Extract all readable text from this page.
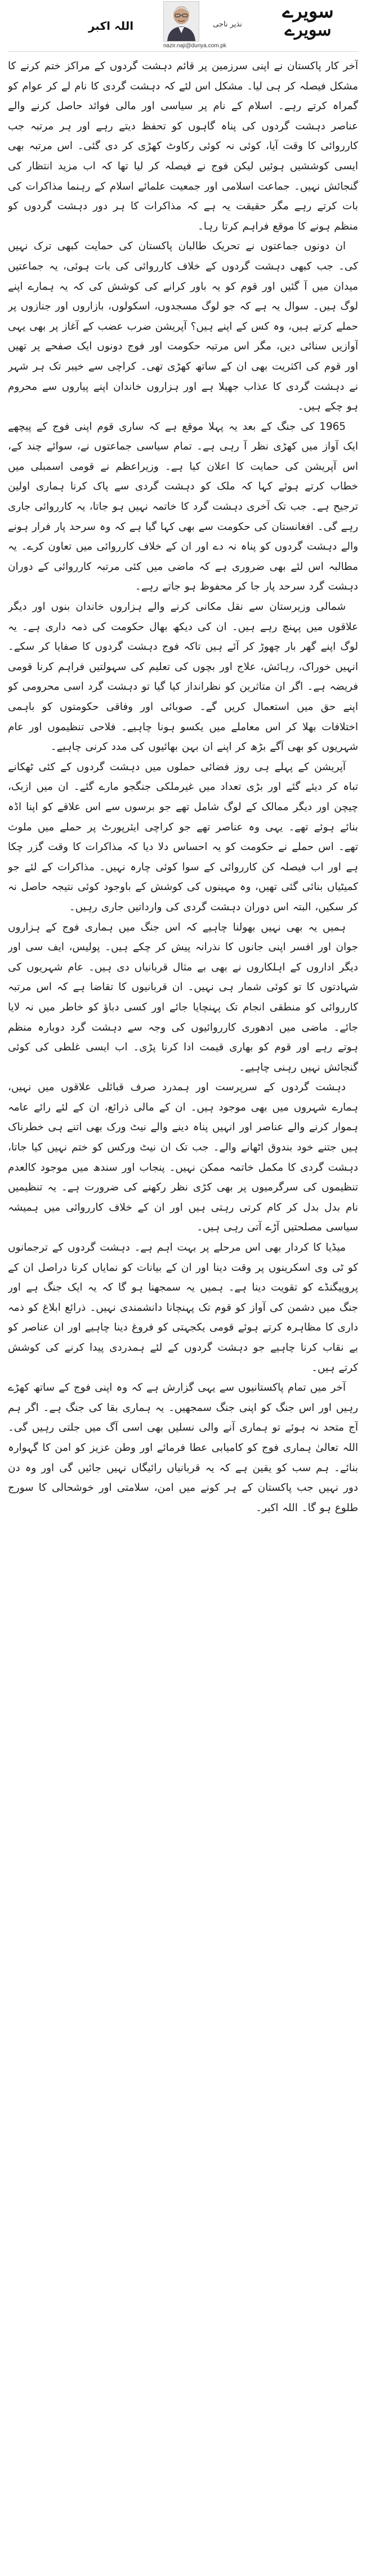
سویرے
سویرے
نذیر ناجی
nazir.naji@dunya.com.pk
اللہ اکبر

آخر کار پاکستان نے اپنی سرزمین پر قائم دہشت گردوں کے مراکز ختم کرنے کا مشکل فیصلہ کر ہی لیا۔ مشکل اس لئے کہ دہشت گردی کا نام لے کر عوام کو گمراہ کرتے رہے۔ اسلام کے نام پر سیاسی اور مالی فوائد حاصل کرنے والے عناصر دہشت گردوں کی پناہ گاہوں کو تحفظ دیتے رہے اور ہر مرتبہ جب کارروائی کا وقت آیا، کوئی نہ کوئی رکاوٹ کھڑی کر دی گئی۔ اس مرتبہ بھی ایسی کوششیں ہوئیں لیکن فوج نے فیصلہ کر لیا تھا کہ اب مزید انتظار کی گنجائش نہیں۔ جماعت اسلامی اور جمعیت علمائے اسلام کے رہنما مذاکرات کی بات کرتے رہے مگر حقیقت یہ ہے کہ مذاکرات کا ہر دور دہشت گردوں کو منظم ہونے کا موقع فراہم کرتا رہا۔

ان دونوں جماعتوں نے تحریک طالبان پاکستان کی حمایت کبھی ترک نہیں کی۔ جب کبھی دہشت گردوں کے خلاف کارروائی کی بات ہوئی، یہ جماعتیں میدان میں آ گئیں اور قوم کو یہ باور کرانے کی کوشش کی کہ یہ ہمارے اپنے لوگ ہیں۔ سوال یہ ہے کہ جو لوگ مسجدوں، اسکولوں، بازاروں اور جنازوں پر حملے کرتے ہیں، وہ کس کے اپنے ہیں؟ آپریشن ضرب عضب کے آغاز پر بھی یہی آوازیں سنائی دیں، مگر اس مرتبہ حکومت اور فوج دونوں ایک صفحے پر تھیں اور قوم کی اکثریت بھی ان کے ساتھ کھڑی تھی۔ کراچی سے خیبر تک ہر شہر نے دہشت گردی کا عذاب جھیلا ہے اور ہزاروں خاندان اپنے پیاروں سے محروم ہو چکے ہیں۔

1965 کی جنگ کے بعد یہ پہلا موقع ہے کہ ساری قوم اپنی فوج کے پیچھے ایک آواز میں کھڑی نظر آ رہی ہے۔ تمام سیاسی جماعتوں نے، سوائے چند کے، اس آپریشن کی حمایت کا اعلان کیا ہے۔ وزیراعظم نے قومی اسمبلی میں خطاب کرتے ہوئے کہا کہ ملک کو دہشت گردی سے پاک کرنا ہماری اولین ترجیح ہے۔ جب تک آخری دہشت گرد کا خاتمہ نہیں ہو جاتا، یہ کارروائی جاری رہے گی۔ افغانستان کی حکومت سے بھی کہا گیا ہے کہ وہ سرحد پار فرار ہونے والے دہشت گردوں کو پناہ نہ دے اور ان کے خلاف کارروائی میں تعاون کرے۔ یہ مطالبہ اس لئے بھی ضروری ہے کہ ماضی میں کئی مرتبہ کارروائی کے دوران دہشت گرد سرحد پار جا کر محفوظ ہو جاتے رہے۔

شمالی وزیرستان سے نقل مکانی کرنے والے ہزاروں خاندان بنوں اور دیگر علاقوں میں پہنچ رہے ہیں۔ ان کی دیکھ بھال حکومت کی ذمہ داری ہے۔ یہ لوگ اپنے گھر بار چھوڑ کر آئے ہیں تاکہ فوج دہشت گردوں کا صفایا کر سکے۔ انہیں خوراک، رہائش، علاج اور بچوں کی تعلیم کی سہولتیں فراہم کرنا قومی فریضہ ہے۔ اگر ان متاثرین کو نظرانداز کیا گیا تو دہشت گرد اسی محرومی کو اپنے حق میں استعمال کریں گے۔ صوبائی اور وفاقی حکومتوں کو باہمی اختلافات بھلا کر اس معاملے میں یکسو ہونا چاہیے۔ فلاحی تنظیموں اور عام شہریوں کو بھی آگے بڑھ کر اپنے ان بہن بھائیوں کی مدد کرنی چاہیے۔

آپریشن کے پہلے ہی روز فضائی حملوں میں دہشت گردوں کے کئی ٹھکانے تباہ کر دیئے گئے اور بڑی تعداد میں غیرملکی جنگجو مارے گئے۔ ان میں ازبک، چیچن اور دیگر ممالک کے لوگ شامل تھے جو برسوں سے اس علاقے کو اپنا اڈہ بنائے ہوئے تھے۔ یہی وہ عناصر تھے جو کراچی ایئرپورٹ پر حملے میں ملوث تھے۔ اس حملے نے حکومت کو یہ احساس دلا دیا کہ مذاکرات کا وقت گزر چکا ہے اور اب فیصلہ کن کارروائی کے سوا کوئی چارہ نہیں۔ مذاکرات کے لئے جو کمیٹیاں بنائی گئی تھیں، وہ مہینوں کی کوشش کے باوجود کوئی نتیجہ حاصل نہ کر سکیں، البتہ اس دوران دہشت گردی کی وارداتیں جاری رہیں۔

ہمیں یہ بھی نہیں بھولنا چاہیے کہ اس جنگ میں ہماری فوج کے ہزاروں جوان اور افسر اپنی جانوں کا نذرانہ پیش کر چکے ہیں۔ پولیس، ایف سی اور دیگر اداروں کے اہلکاروں نے بھی بے مثال قربانیاں دی ہیں۔ عام شہریوں کی شہادتوں کا تو کوئی شمار ہی نہیں۔ ان قربانیوں کا تقاضا ہے کہ اس مرتبہ کارروائی کو منطقی انجام تک پہنچایا جائے اور کسی دباؤ کو خاطر میں نہ لایا جائے۔ ماضی میں ادھوری کارروائیوں کی وجہ سے دہشت گرد دوبارہ منظم ہوتے رہے اور قوم کو بھاری قیمت ادا کرنا پڑی۔ اب ایسی غلطی کی کوئی گنجائش نہیں رہنی چاہیے۔

دہشت گردوں کے سرپرست اور ہمدرد صرف قبائلی علاقوں میں نہیں، ہمارے شہروں میں بھی موجود ہیں۔ ان کے مالی ذرائع، ان کے لئے رائے عامہ ہموار کرنے والے عناصر اور انہیں پناہ دینے والے نیٹ ورک بھی اتنے ہی خطرناک ہیں جتنے خود بندوق اٹھانے والے۔ جب تک ان نیٹ ورکس کو ختم نہیں کیا جاتا، دہشت گردی کا مکمل خاتمہ ممکن نہیں۔ پنجاب اور سندھ میں موجود کالعدم تنظیموں کی سرگرمیوں پر بھی کڑی نظر رکھنے کی ضرورت ہے۔ یہ تنظیمیں نام بدل بدل کر کام کرتی رہتی ہیں اور ان کے خلاف کارروائی میں ہمیشہ سیاسی مصلحتیں آڑے آتی رہی ہیں۔

میڈیا کا کردار بھی اس مرحلے پر بہت اہم ہے۔ دہشت گردوں کے ترجمانوں کو ٹی وی اسکرینوں پر وقت دینا اور ان کے بیانات کو نمایاں کرنا دراصل ان کے پروپیگنڈے کو تقویت دینا ہے۔ ہمیں یہ سمجھنا ہو گا کہ یہ ایک جنگ ہے اور جنگ میں دشمن کی آواز کو قوم تک پہنچانا دانشمندی نہیں۔ ذرائع ابلاغ کو ذمہ داری کا مظاہرہ کرتے ہوئے قومی یکجہتی کو فروغ دینا چاہیے اور ان عناصر کو بے نقاب کرنا چاہیے جو دہشت گردوں کے لئے ہمدردی پیدا کرنے کی کوشش کرتے ہیں۔

آخر میں تمام پاکستانیوں سے یہی گزارش ہے کہ وہ اپنی فوج کے ساتھ کھڑے رہیں اور اس جنگ کو اپنی جنگ سمجھیں۔ یہ ہماری بقا کی جنگ ہے۔ اگر ہم آج متحد نہ ہوئے تو ہماری آنے والی نسلیں بھی اسی آگ میں جلتی رہیں گی۔ اللہ تعالیٰ ہماری فوج کو کامیابی عطا فرمائے اور وطن عزیز کو امن کا گہوارہ بنائے۔ ہم سب کو یقین ہے کہ یہ قربانیاں رائیگاں نہیں جائیں گی اور وہ دن دور نہیں جب پاکستان کے ہر کونے میں امن، سلامتی اور خوشحالی کا سورج طلوع ہو گا۔ اللہ اکبر۔
